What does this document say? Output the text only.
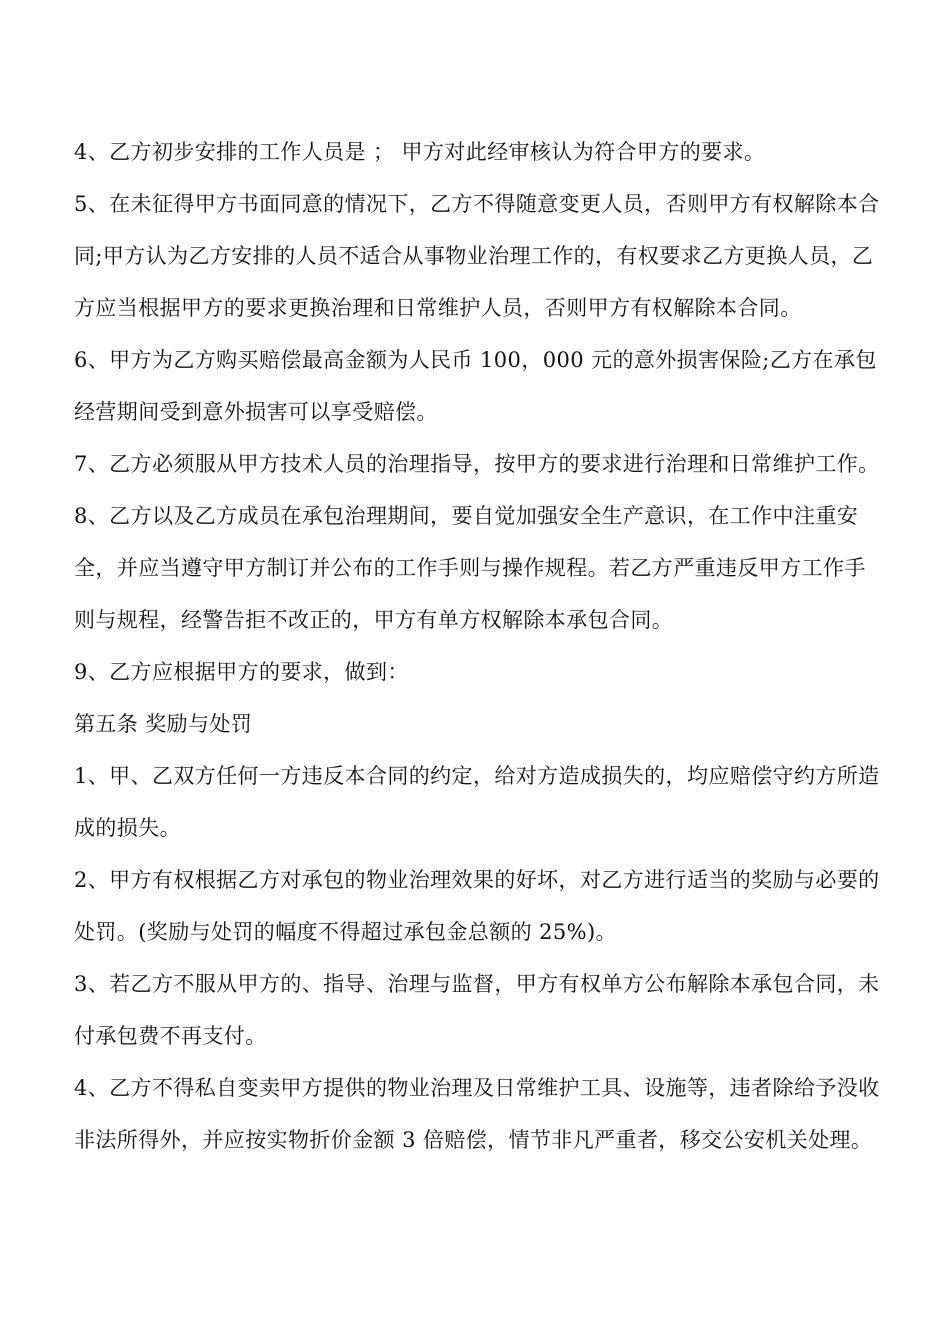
4、乙方初步安排的工作人员是 ； 甲方对此经审核认为符合甲方的要求。

5、在未征得甲方书面同意的情况下，乙方不得随意变更人员，否则甲方有权解除本合同;甲方认为乙方安排的人员不适合从事物业治理工作的，有权要求乙方更换人员，乙方应当根据甲方的要求更换治理和日常维护人员，否则甲方有权解除本合同。

6、甲方为乙方购买赔偿最高金额为人民币 100，000 元的意外损害保险;乙方在承包经营期间受到意外损害可以享受赔偿。

7、乙方必须服从甲方技术人员的治理指导，按甲方的要求进行治理和日常维护工作。

8、乙方以及乙方成员在承包治理期间，要自觉加强安全生产意识，在工作中注重安全，并应当遵守甲方制订并公布的工作手则与操作规程。若乙方严重违反甲方工作手则与规程，经警告拒不改正的，甲方有单方权解除本承包合同。

9、乙方应根据甲方的要求，做到：

第五条 奖励与处罚

1、甲、乙双方任何一方违反本合同的约定，给对方造成损失的，均应赔偿守约方所造成的损失。

2、甲方有权根据乙方对承包的物业治理效果的好坏，对乙方进行适当的奖励与必要的处罚。(奖励与处罚的幅度不得超过承包金总额的 25%)。

3、若乙方不服从甲方的、指导、治理与监督，甲方有权单方公布解除本承包合同，未付承包费不再支付。

4、乙方不得私自变卖甲方提供的物业治理及日常维护工具、设施等，违者除给予没收非法所得外，并应按实物折价金额 3 倍赔偿，情节非凡严重者，移交公安机关处理。
